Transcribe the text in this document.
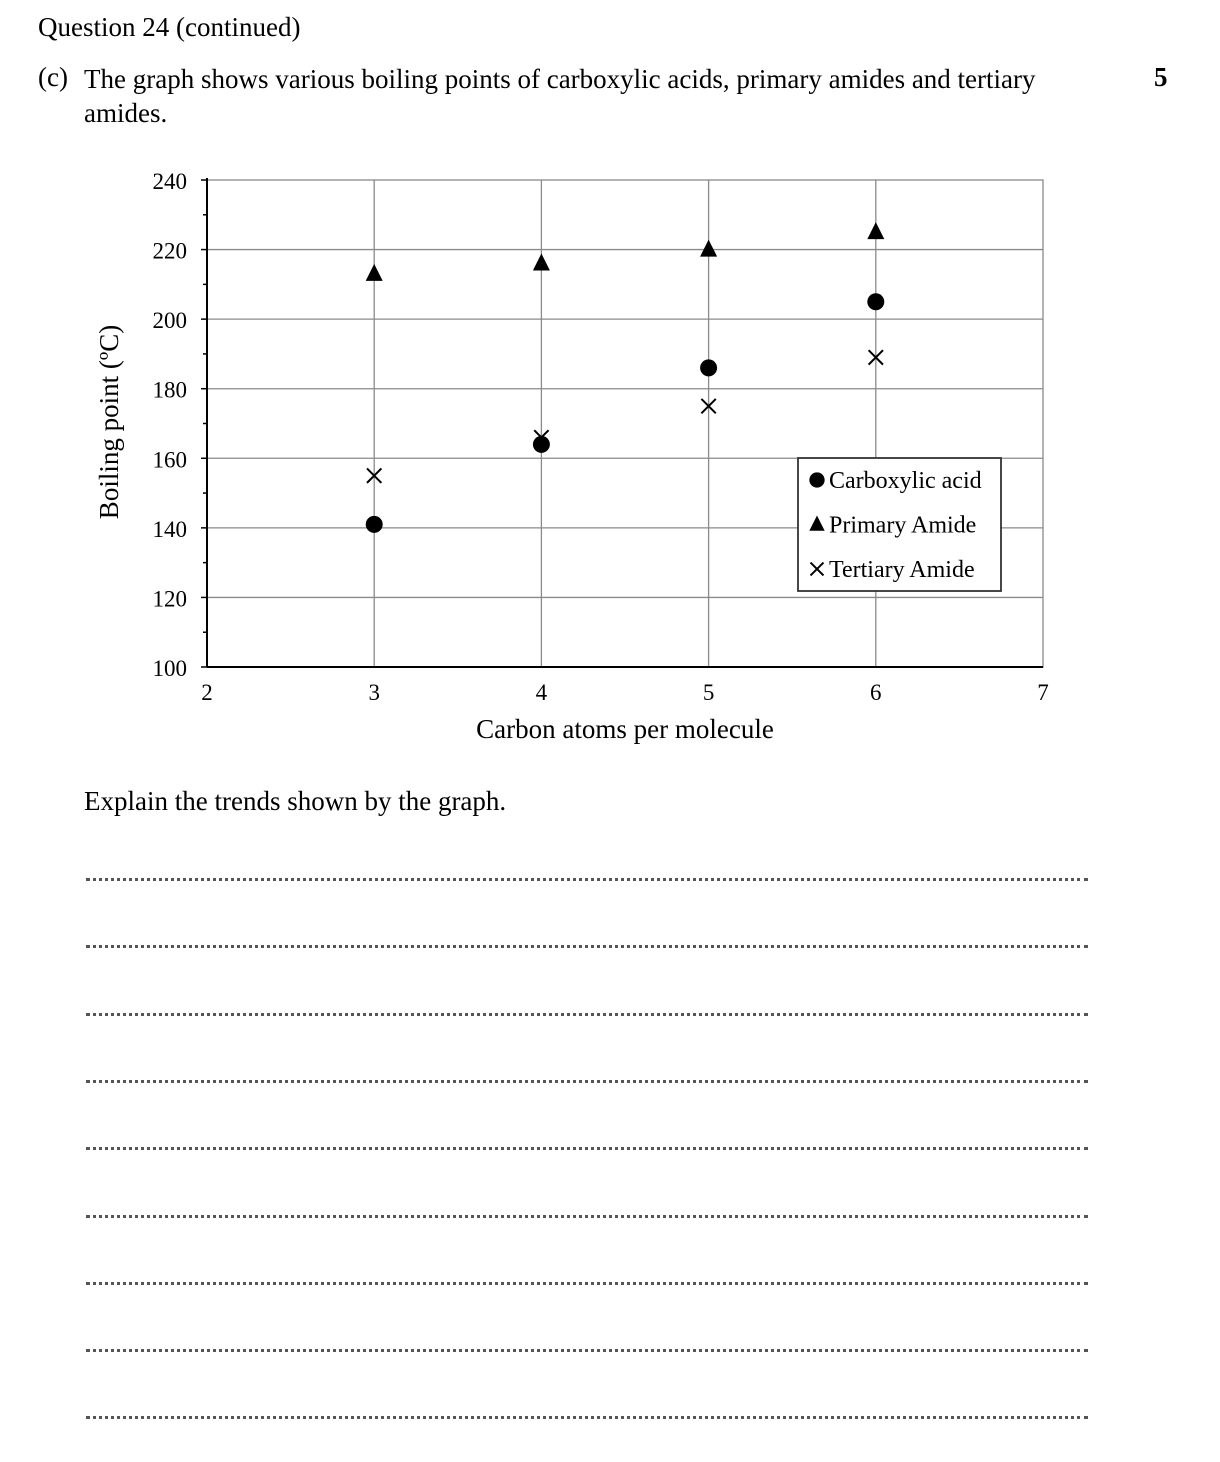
Question 24 (continued)
(c) The graph shows various boiling points of carboxylic acids, primary amides and tertiary amides.
5
100
120
140
160
180
200
220
240
2	3	4	5	6	7
Carboxylic acid
Primary Amide
Tertiary Amide
Carbon atoms per molecule
Boiling point (ºC)
Explain the trends shown by the graph.
